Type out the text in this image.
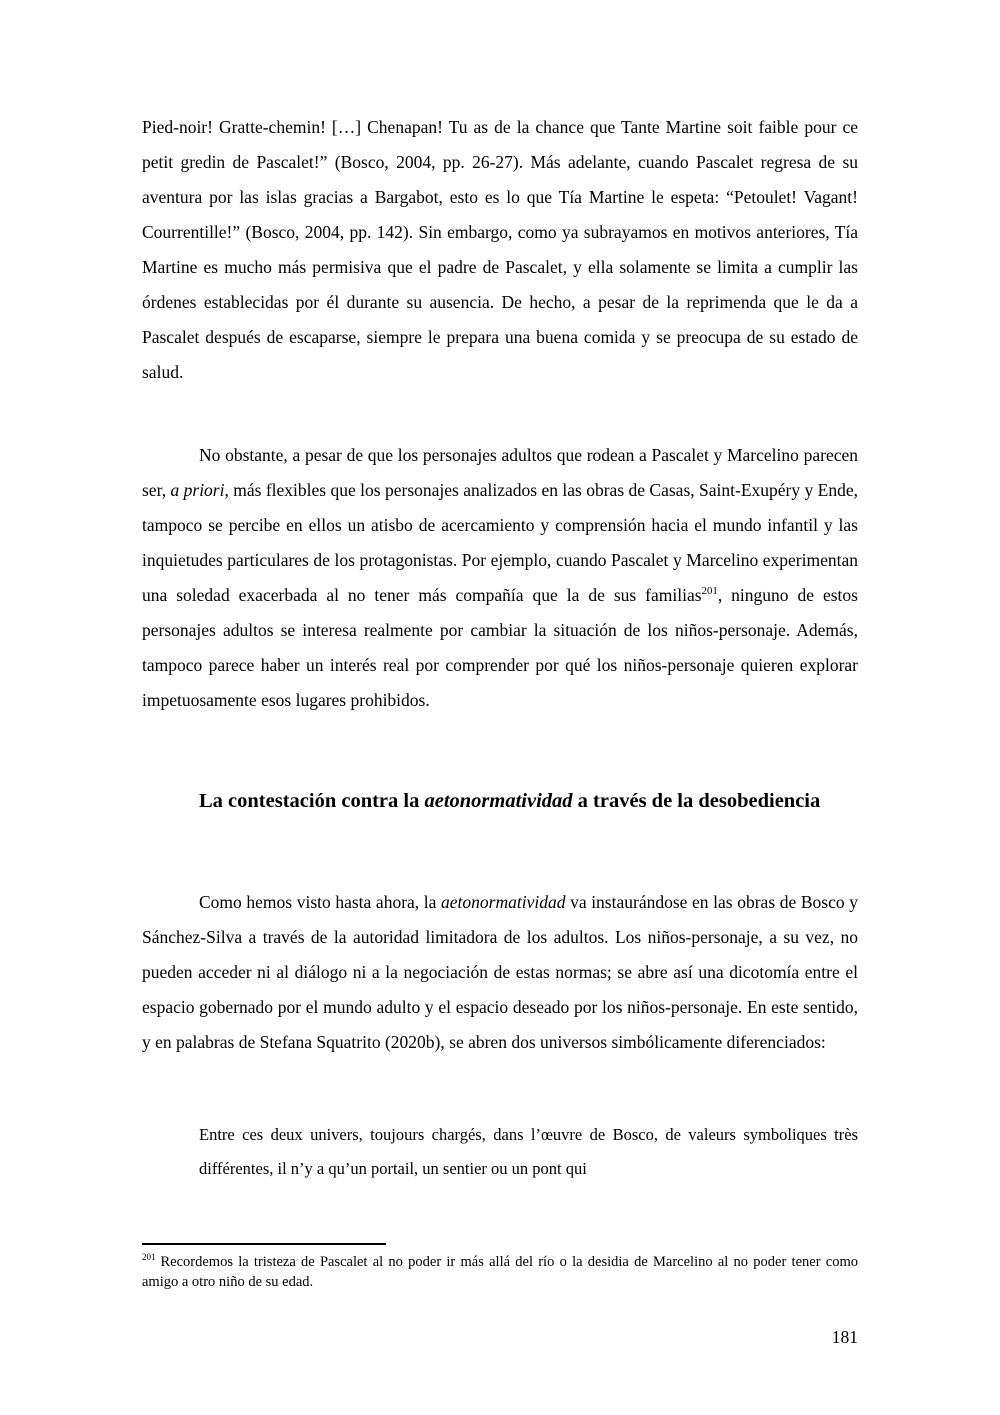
Pied-noir! Gratte-chemin! […] Chenapan! Tu as de la chance que Tante Martine soit faible pour ce petit gredin de Pascalet!” (Bosco, 2004, pp. 26-27). Más adelante, cuando Pascalet regresa de su aventura por las islas gracias a Bargabot, esto es lo que Tía Martine le espeta: “Petoulet! Vagant! Courrentille!” (Bosco, 2004, pp. 142). Sin embargo, como ya subrayamos en motivos anteriores, Tía Martine es mucho más permisiva que el padre de Pascalet, y ella solamente se limita a cumplir las órdenes establecidas por él durante su ausencia. De hecho, a pesar de la reprimenda que le da a Pascalet después de escaparse, siempre le prepara una buena comida y se preocupa de su estado de salud.

No obstante, a pesar de que los personajes adultos que rodean a Pascalet y Marcelino parecen ser, a priori, más flexibles que los personajes analizados en las obras de Casas, Saint-Exupéry y Ende, tampoco se percibe en ellos un atisbo de acercamiento y comprensión hacia el mundo infantil y las inquietudes particulares de los protagonistas. Por ejemplo, cuando Pascalet y Marcelino experimentan una soledad exacerbada al no tener más compañía que la de sus familias$^{201}$, ninguno de estos personajes adultos se interesa realmente por cambiar la situación de los niños-personaje. Además, tampoco parece haber un interés real por comprender por qué los niños-personaje quieren explorar impetuosamente esos lugares prohibidos.

La contestación contra la aetonormatividad a través de la desobediencia

Como hemos visto hasta ahora, la aetonormatividad va instaurándose en las obras de Bosco y Sánchez-Silva a través de la autoridad limitadora de los adultos. Los niños-personaje, a su vez, no pueden acceder ni al diálogo ni a la negociación de estas normas; se abre así una dicotomía entre el espacio gobernado por el mundo adulto y el espacio deseado por los niños-personaje. En este sentido, y en palabras de Stefana Squatrito (2020b), se abren dos universos simbólicamente diferenciados:

Entre ces deux univers, toujours chargés, dans l’œuvre de Bosco, de valeurs symboliques très différentes, il n’y a qu’un portail, un sentier ou un pont qui

$^{201}$ Recordemos la tristeza de Pascalet al no poder ir más allá del río o la desidia de Marcelino al no poder tener como amigo a otro niño de su edad.

181
